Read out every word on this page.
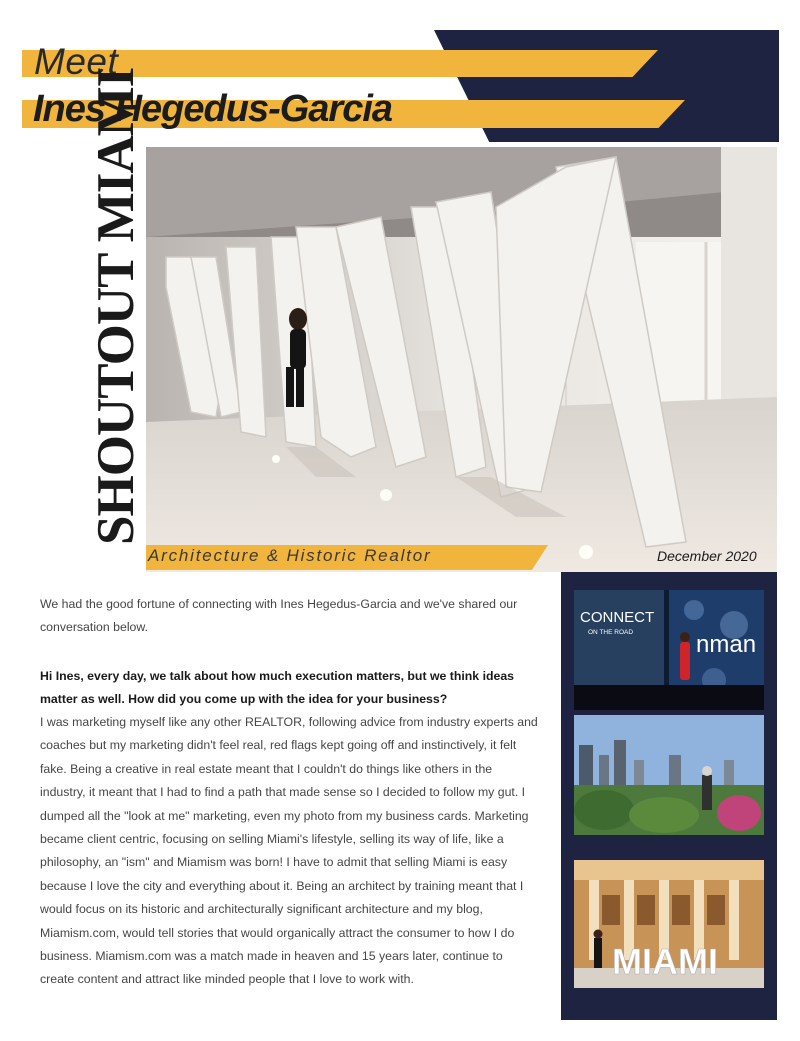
Meet
Ines Hegedus-Garcia
SHOUTOUT MIAMI
Architecture & Historic Realtor	December 2020
CONNECT
ON THE ROAD	nman
MIAMI

We had the good fortune of connecting with Ines Hegedus-Garcia and we've shared our conversation below.

Hi Ines, every day, we talk about how much execution matters, but we think ideas matter as well. How did you come up with the idea for your business?

I was marketing myself like any other REALTOR, following advice from industry experts and coaches but my marketing didn't feel real, red flags kept going off and instinctively, it felt fake. Being a creative in real estate meant that I couldn't do things like others in the industry, it meant that I had to find a path that made sense so I decided to follow my gut. I dumped all the "look at me" marketing, even my photo from my business cards. Marketing became client centric, focusing on selling Miami's lifestyle, selling its way of life, like a philosophy, an "ism" and Miamism was born! I have to admit that selling Miami is easy because I love the city and everything about it. Being an architect by training meant that I would focus on its historic and architecturally significant architecture and my blog, Miamism.com, would tell stories that would organically attract the consumer to how I do business. Miamism.com was a match made in heaven and 15 years later, continue to create content and attract like minded people that I love to work with.
